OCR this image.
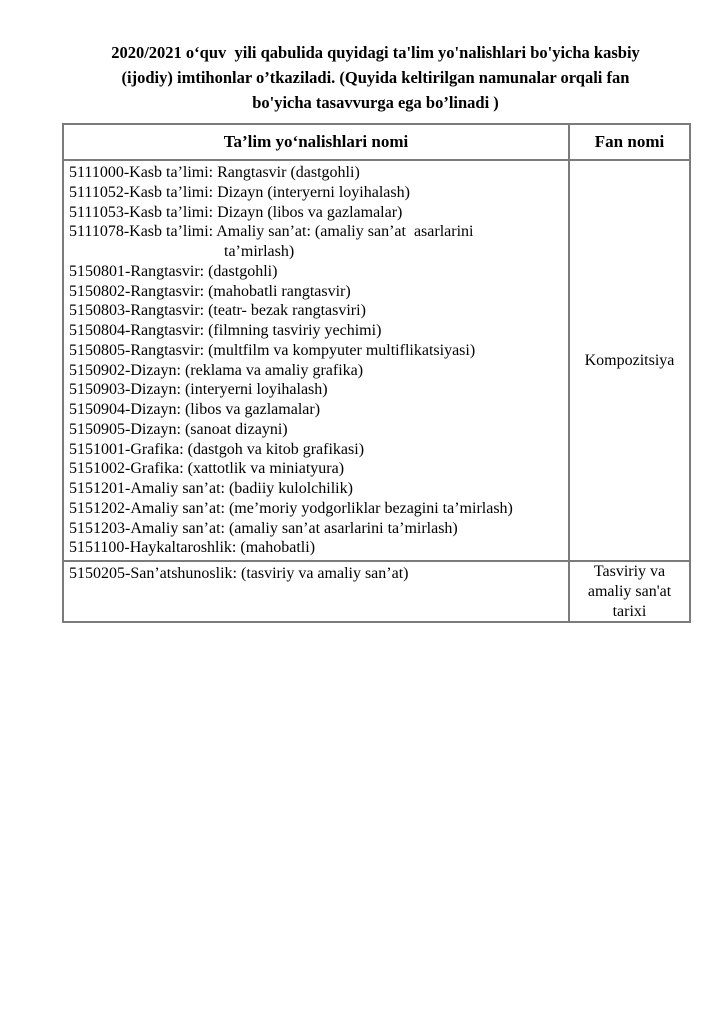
2020/2021 o‘quv  yili qabulida quyidagi ta'lim yo'nalishlari bo'yicha kasbiy
(ijodiy) imtihonlar o’tkaziladi. (Quyida keltirilgan namunalar orqali fan
bo'yicha tasavvurga ega bo’linadi )
Ta’lim yo‘nalishlari nomi	Fan nomi

5111000-Kasb ta’limi: Rangtasvir (dastgohli)
5111052-Kasb ta’limi: Dizayn (interyerni loyihalash)
5111053-Kasb ta’limi: Dizayn (libos va gazlamalar)
5111078-Kasb ta’limi: Amaliy san’at: (amaliy san’at  asarlarini
ta’mirlash)
5150801-Rangtasvir: (dastgohli)
5150802-Rangtasvir: (mahobatli rangtasvir)
5150803-Rangtasvir: (teatr- bezak rangtasviri)
5150804-Rangtasvir: (filmning tasviriy yechimi)
5150805-Rangtasvir: (multfilm va kompyuter multiflikatsiyasi)
5150902-Dizayn: (reklama va amaliy grafika)
5150903-Dizayn: (interyerni loyihalash)
5150904-Dizayn: (libos va gazlamalar)
5150905-Dizayn: (sanoat dizayni)
5151001-Grafika: (dastgoh va kitob grafikasi)
5151002-Grafika: (xattotlik va miniatyura)
5151201-Amaliy san’at: (badiiy kulolchilik)
5151202-Amaliy san’at: (me’moriy yodgorliklar bezagini ta’mirlash)
5151203-Amaliy san’at: (amaliy san’at asarlarini ta’mirlash)
5151100-Haykaltaroshlik: (mahobatli)
	Kompozitsiya

5150205-San’atshunoslik: (tasviriy va amaliy san’at)	Tasviriy va amaliy san'at tarixi
